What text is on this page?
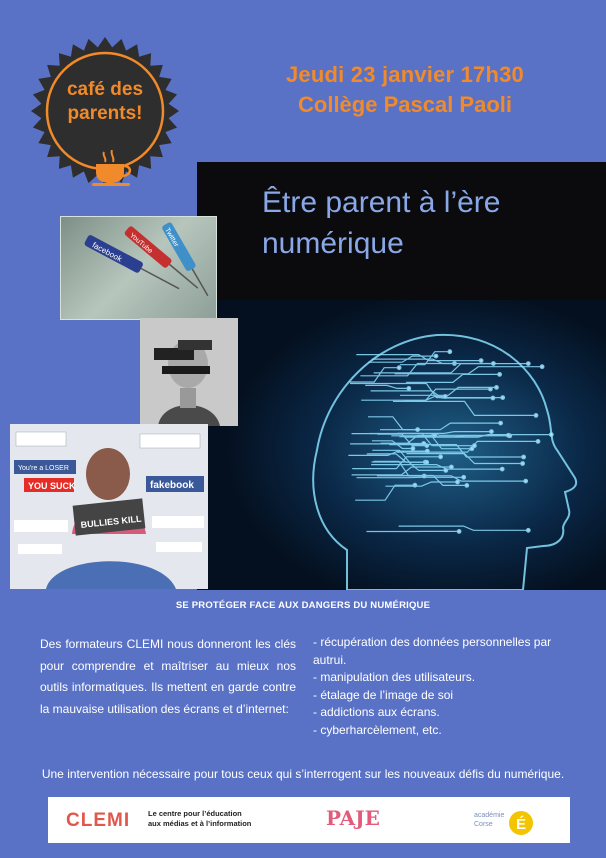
café des
parents!
Jeudi 23 janvier 17h30
Collège Pascal Paoli
Être parent à l’ère
numérique
facebook YouTube Twitter
You're a LOSER
YOU SUCK	fakebook
BULLIES KILL
SE PROTÉGER FACE AUX DANGERS DU NUMÉRIQUE
Des formateurs CLEMI nous donneront les clés pour comprendre et maîtriser au mieux nos outils informatiques. Ils mettent en garde contre la mauvaise utilisation des écrans et d’internet:
- récupération des données personnelles par autrui.
- manipulation des utilisateurs.
- étalage de l’image de soi
- addictions aux écrans.
- cyberharcèlement, etc.
Une intervention nécessaire pour tous ceux qui s’interrogent sur les nouveaux défis du numérique.
CLEMI Le centre pour l’éducation
aux médias et à l’information	PAJE	É
académie
Corse
